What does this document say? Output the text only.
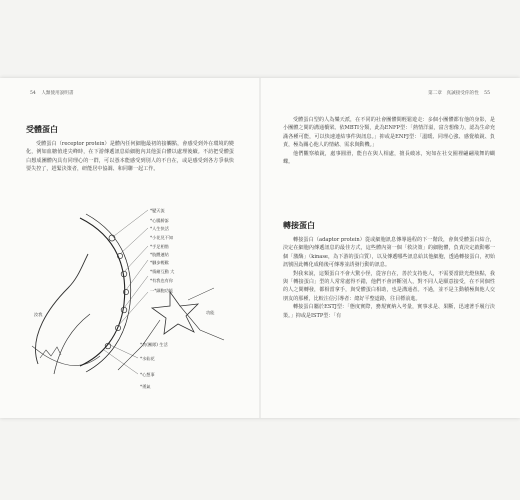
54 人類使用說明書
受體蛋白

受體蛋白（receptor protein）是體內任何細胞最初的接觸點，會感受到外在環境的變化，例如血糖值達尖峰時，在下游傳遞訊息給細胞內其他蛋白體以處理後續。不訪把受體蛋白想成團體內具有同理心的一群，可以憑本能感受到別人的不自在，或是感受到各方爭執快要失控了，趕緊決策者，研能居中協調、和同聯一起工作。

*變天流
*心腸勝訴
*人生快活
*小花兒不知
*手足相惜
*肢體連結
*腳步輕鬆
*情緒互動 大
*有我也有你
一*細胞功能
功能
*功(團隊) 生活
*水仙花
*心想事
*勇氣
汝我
第二章　真誠接受你的性 55

受體蛋白型的人為樂天派，在不同的社會團體間輕鬆遊走：多個小團體都有他的身影，是小團體之間的溝通橋梁。依MBTI分類，此為ENFP型：「熱情洋溢，富含想像力，認為生命充滿各種可能，可以快速連結事件與訊息。」抑或是ENFJ型：「溫暖、同理心強、感覺敏銳、負責，極為關心他人的情緒、需求與動機。」

他們觀察敏銳，處事圓滑，能自在與人相處，擅長破冰，宛如在社交圈裡翩翩飛舞的蝴蝶。

轉接蛋白

轉接蛋白（adaptor protein）從或細胞訊息傳導過程的下一階段，會與受體蛋白結合，決定在細胞內傳遞訊息的最佳方式，這些體內第一個「救決策」的細胞體，負責決定啟動哪一個「激酶」（kinase，為下游的蛋白質），以及傳遞哪些訊息給其他細胞，透過轉接蛋白，初始訊號因此轉化成稍後可傳導並誘發行動的訊息。

對我來說，這類蛋白不會大驚小怪，從容自在，善於支持他人，不需要當鎂光燈焦點，我與「轉接蛋白」型的人常常處得不錯，他們不會評斷別人，對不同人是願意接受，在不同個性的人之間轉發，都相當拿手，與受體蛋白相助，也是溝通者。不過，並不是主動積極與他人交朋友的那種，比較注信引導者：總好平整道路，往目標前進。

轉接蛋白屬於ESTJ型：「態度實際，務規實納入考量，實事求是、果斷，迅速著手履行決策。」抑或是ISTP型：「有
